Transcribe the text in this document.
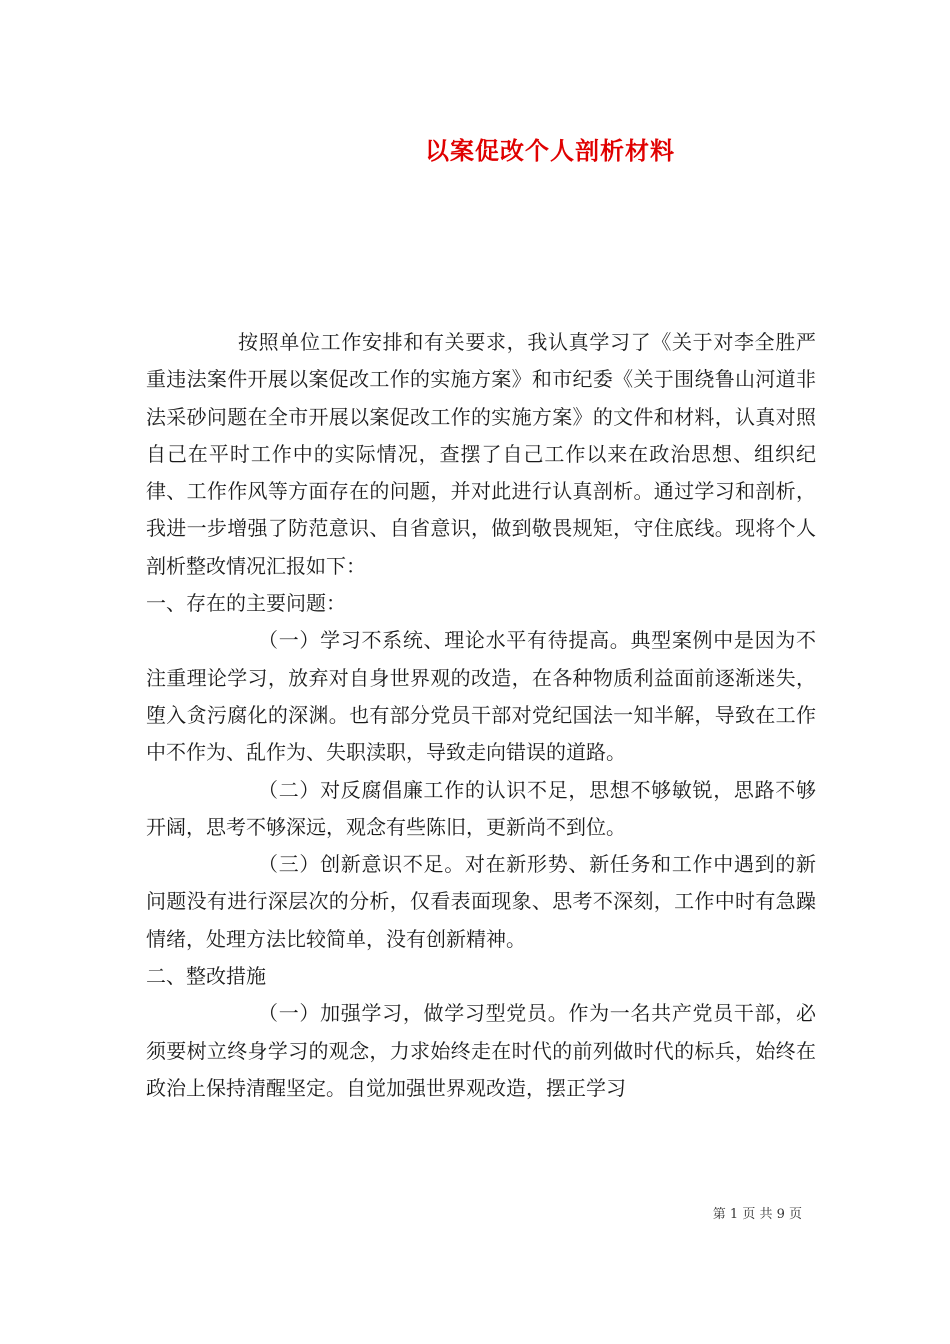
以案促改个人剖析材料

按照单位工作安排和有关要求，我认真学习了《关于对李全胜严重违法案件开展以案促改工作的实施方案》和市纪委《关于围绕鲁山河道非法采砂问题在全市开展以案促改工作的实施方案》的文件和材料，认真对照自己在平时工作中的实际情况，查摆了自己工作以来在政治思想、组织纪律、工作作风等方面存在的问题，并对此进行认真剖析。通过学习和剖析，我进一步增强了防范意识、自省意识，做到敬畏规矩，守住底线。现将个人剖析整改情况汇报如下：

一、存在的主要问题：

（一）学习不系统、理论水平有待提高。典型案例中是因为不注重理论学习，放弃对自身世界观的改造，在各种物质利益面前逐渐迷失，堕入贪污腐化的深渊。也有部分党员干部对党纪国法一知半解，导致在工作中不作为、乱作为、失职渎职，导致走向错误的道路。

（二）对反腐倡廉工作的认识不足，思想不够敏锐，思路不够开阔，思考不够深远，观念有些陈旧，更新尚不到位。

（三）创新意识不足。对在新形势、新任务和工作中遇到的新问题没有进行深层次的分析，仅看表面现象、思考不深刻，工作中时有急躁情绪，处理方法比较简单，没有创新精神。

二、整改措施

（一）加强学习，做学习型党员。作为一名共产党员干部，必须要树立终身学习的观念，力求始终走在时代的前列做时代的标兵，始终在政治上保持清醒坚定。自觉加强世界观改造，摆正学习

第 1 页 共 9 页
